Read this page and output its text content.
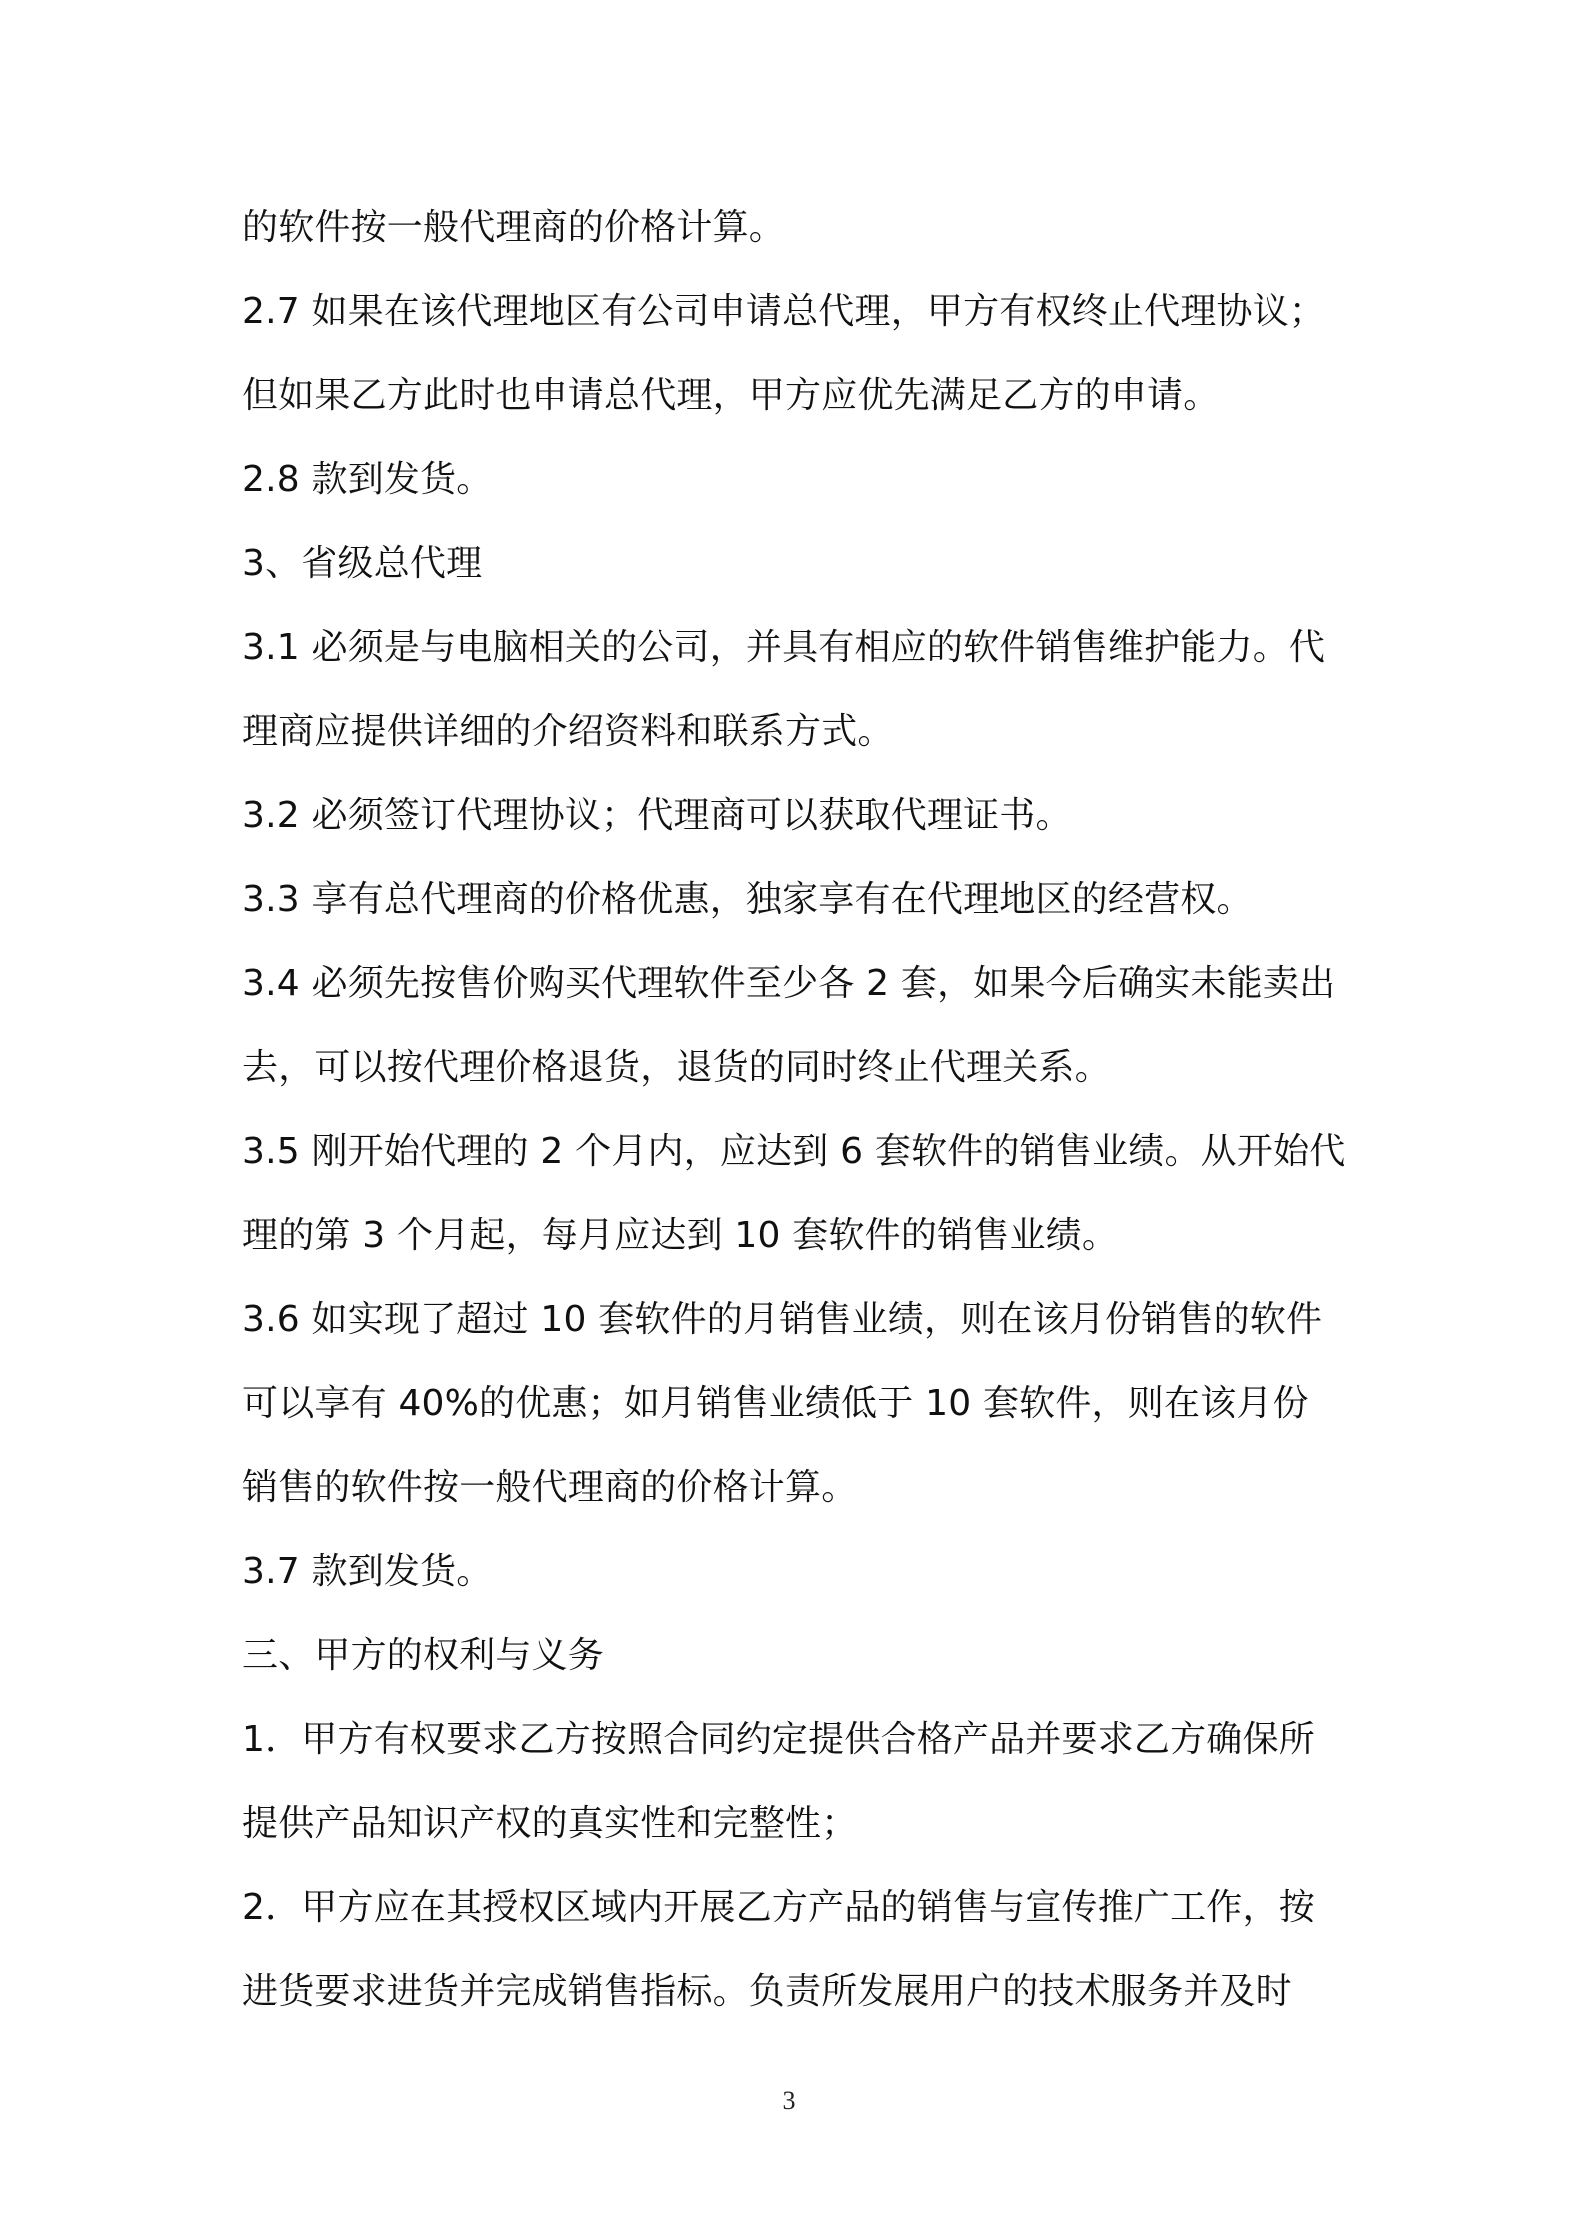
的软件按一般代理商的价格计算。
2.7 如果在该代理地区有公司申请总代理，甲方有权终止代理协议；
但如果乙方此时也申请总代理，甲方应优先满足乙方的申请。
2.8 款到发货。
3、省级总代理
3.1 必须是与电脑相关的公司，并具有相应的软件销售维护能力。代
理商应提供详细的介绍资料和联系方式。
3.2 必须签订代理协议；代理商可以获取代理证书。
3.3 享有总代理商的价格优惠，独家享有在代理地区的经营权。
3.4 必须先按售价购买代理软件至少各 2 套，如果今后确实未能卖出
去，可以按代理价格退货，退货的同时终止代理关系。
3.5 刚开始代理的 2 个月内，应达到 6 套软件的销售业绩。从开始代
理的第 3 个月起，每月应达到 10 套软件的销售业绩。
3.6 如实现了超过 10 套软件的月销售业绩，则在该月份销售的软件
可以享有 40%的优惠；如月销售业绩低于 10 套软件，则在该月份
销售的软件按一般代理商的价格计算。
3.7 款到发货。
三、甲方的权利与义务
1．甲方有权要求乙方按照合同约定提供合格产品并要求乙方确保所
提供产品知识产权的真实性和完整性；
2．甲方应在其授权区域内开展乙方产品的销售与宣传推广工作，按
进货要求进货并完成销售指标。负责所发展用户的技术服务并及时
3
